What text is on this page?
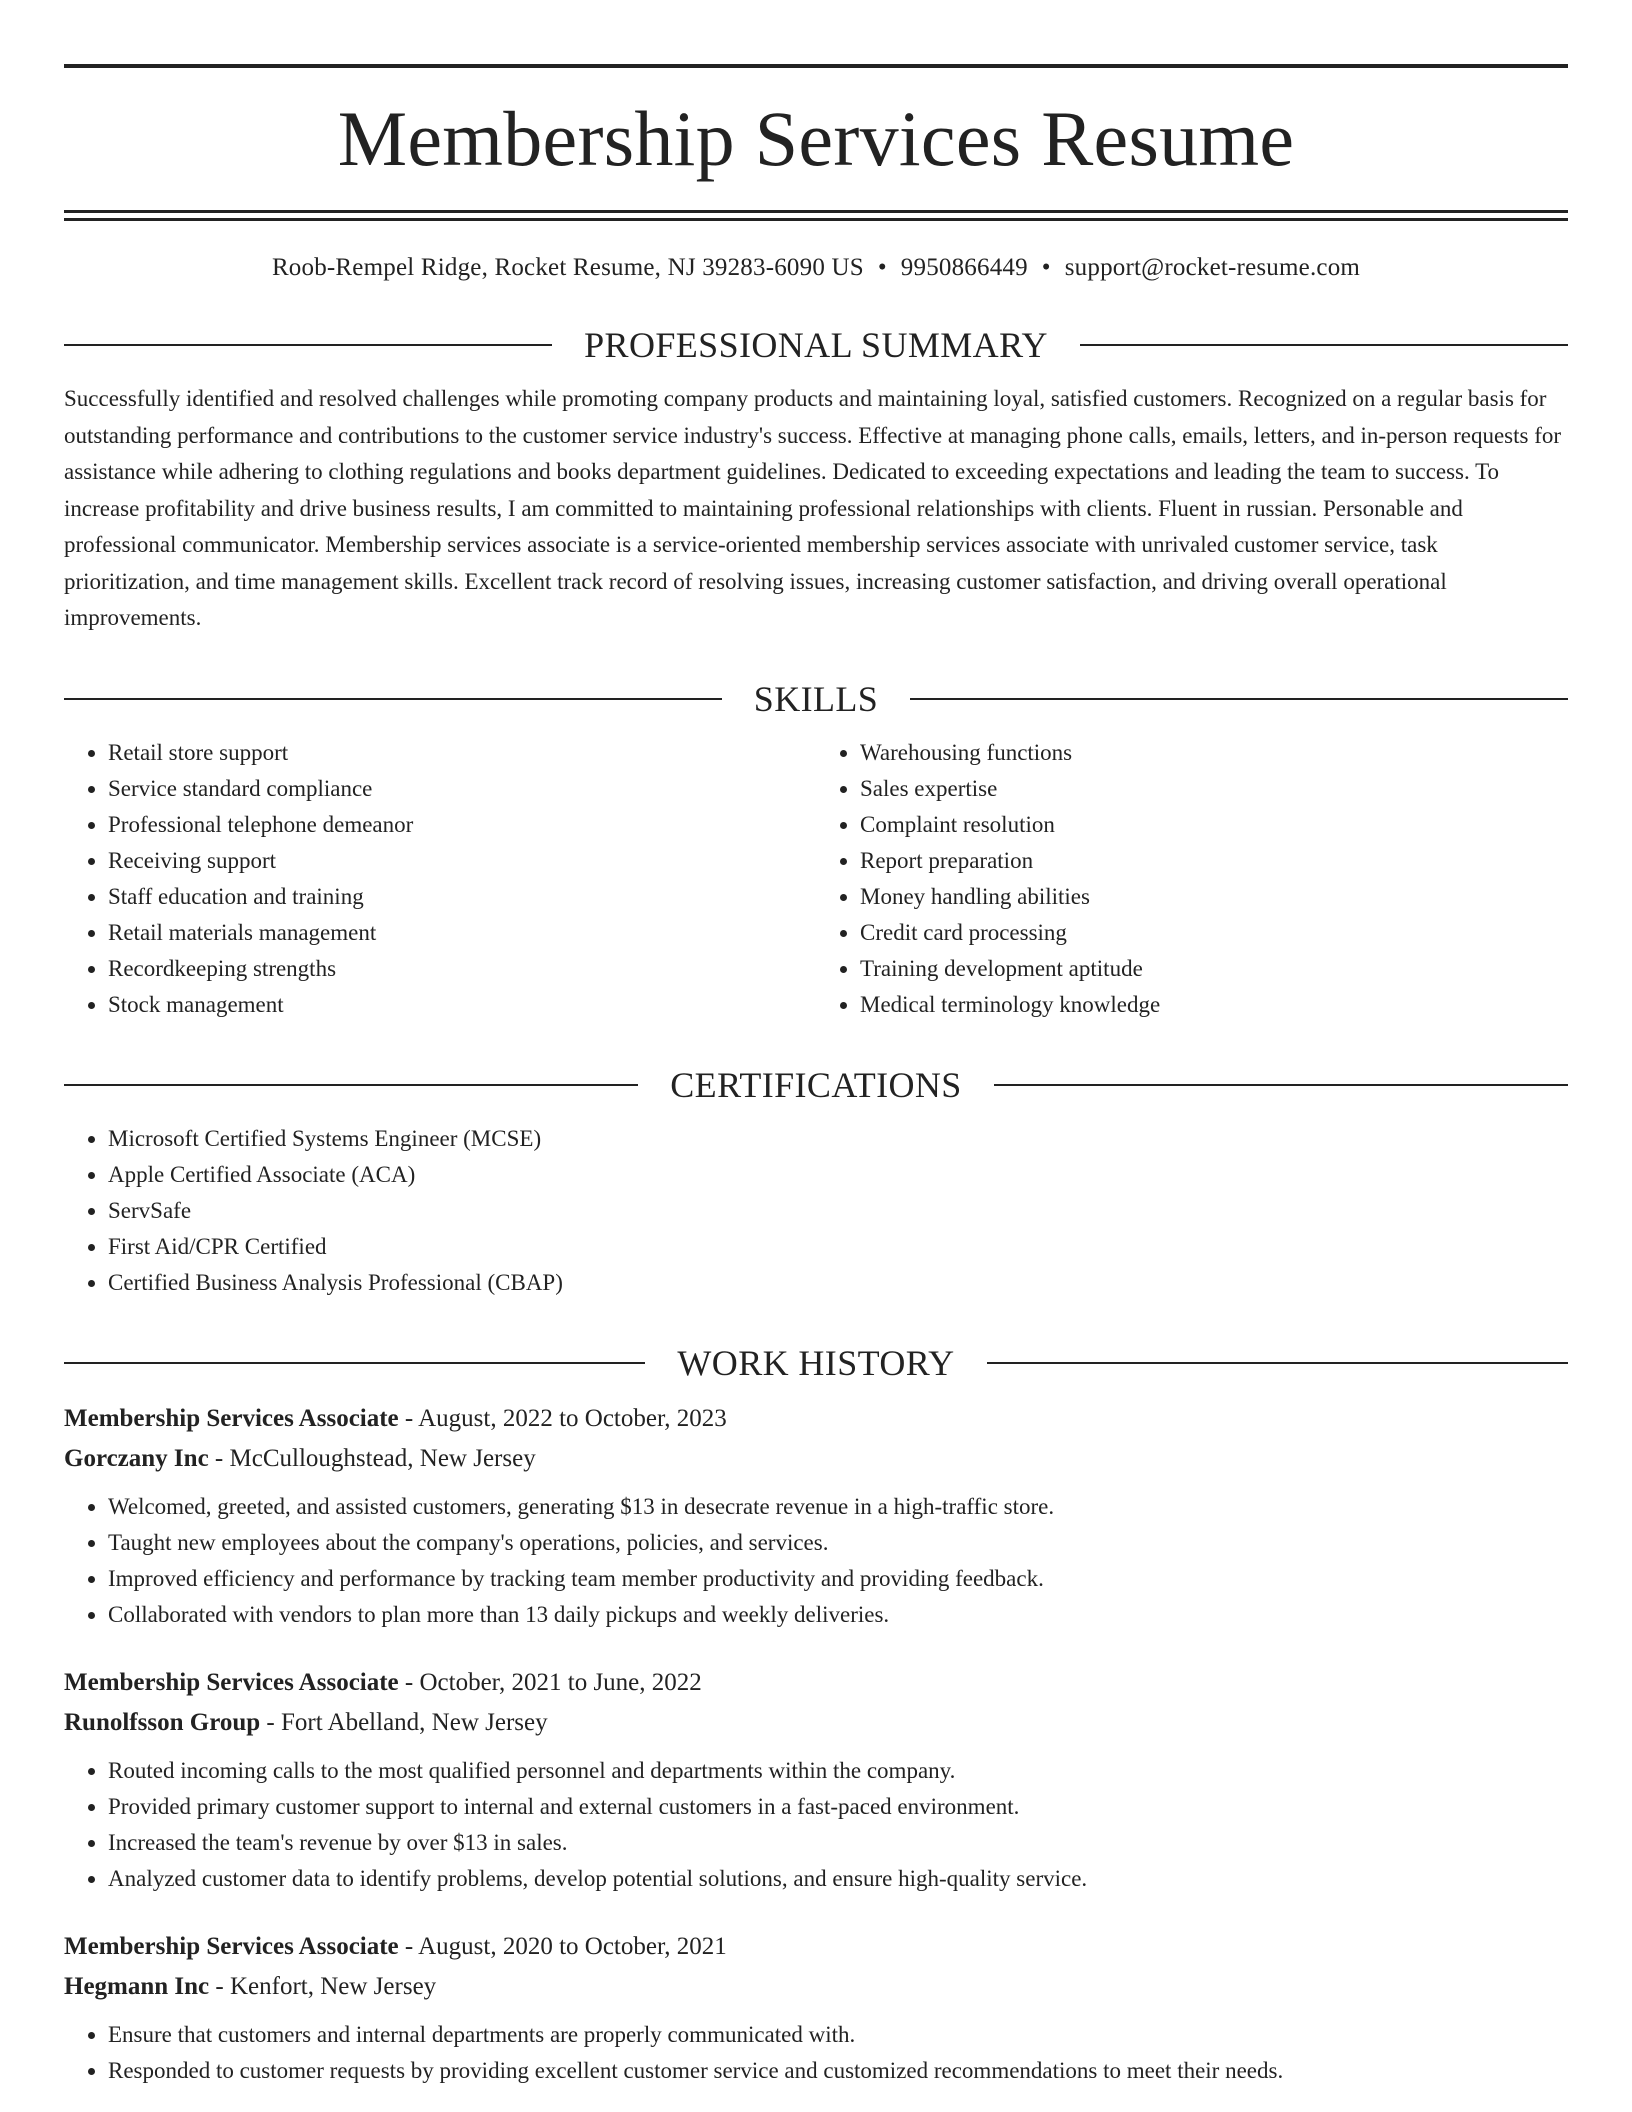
Membership Services Resume
Roob-Rempel Ridge, Rocket Resume, NJ 39283-6090 US • 9950866449 • support@rocket-resume.com
PROFESSIONAL SUMMARY

Successfully identified and resolved challenges while promoting company products and maintaining loyal, satisfied customers. Recognized on a regular basis for outstanding performance and contributions to the customer service industry's success. Effective at managing phone calls, emails, letters, and in-person requests for assistance while adhering to clothing regulations and books department guidelines. Dedicated to exceeding expectations and leading the team to success. To increase profitability and drive business results, I am committed to maintaining professional relationships with clients. Fluent in russian. Personable and professional communicator. Membership services associate is a service-oriented membership services associate with unrivaled customer service, task prioritization, and time management skills. Excellent track record of resolving issues, increasing customer satisfaction, and driving overall operational improvements.

SKILLS
• Retail store support
• Service standard compliance
• Professional telephone demeanor
• Receiving support
• Staff education and training
• Retail materials management
• Recordkeeping strengths
• Stock management
• Warehousing functions
• Sales expertise
• Complaint resolution
• Report preparation
• Money handling abilities
• Credit card processing
• Training development aptitude
• Medical terminology knowledge
CERTIFICATIONS
• Microsoft Certified Systems Engineer (MCSE)
• Apple Certified Associate (ACA)
• ServSafe
• First Aid/CPR Certified
• Certified Business Analysis Professional (CBAP)
WORK HISTORY
Membership Services Associate - August, 2022 to October, 2023
Gorczany Inc - McCulloughstead, New Jersey
• Welcomed, greeted, and assisted customers, generating $13 in desecrate revenue in a high-traffic store.
• Taught new employees about the company's operations, policies, and services.
• Improved efficiency and performance by tracking team member productivity and providing feedback.
• Collaborated with vendors to plan more than 13 daily pickups and weekly deliveries.
Membership Services Associate - October, 2021 to June, 2022
Runolfsson Group - Fort Abelland, New Jersey
• Routed incoming calls to the most qualified personnel and departments within the company.
• Provided primary customer support to internal and external customers in a fast-paced environment.
• Increased the team's revenue by over $13 in sales.
• Analyzed customer data to identify problems, develop potential solutions, and ensure high-quality service.
Membership Services Associate - August, 2020 to October, 2021
Hegmann Inc - Kenfort, New Jersey
• Ensure that customers and internal departments are properly communicated with.
• Responded to customer requests by providing excellent customer service and customized recommendations to meet their needs.
